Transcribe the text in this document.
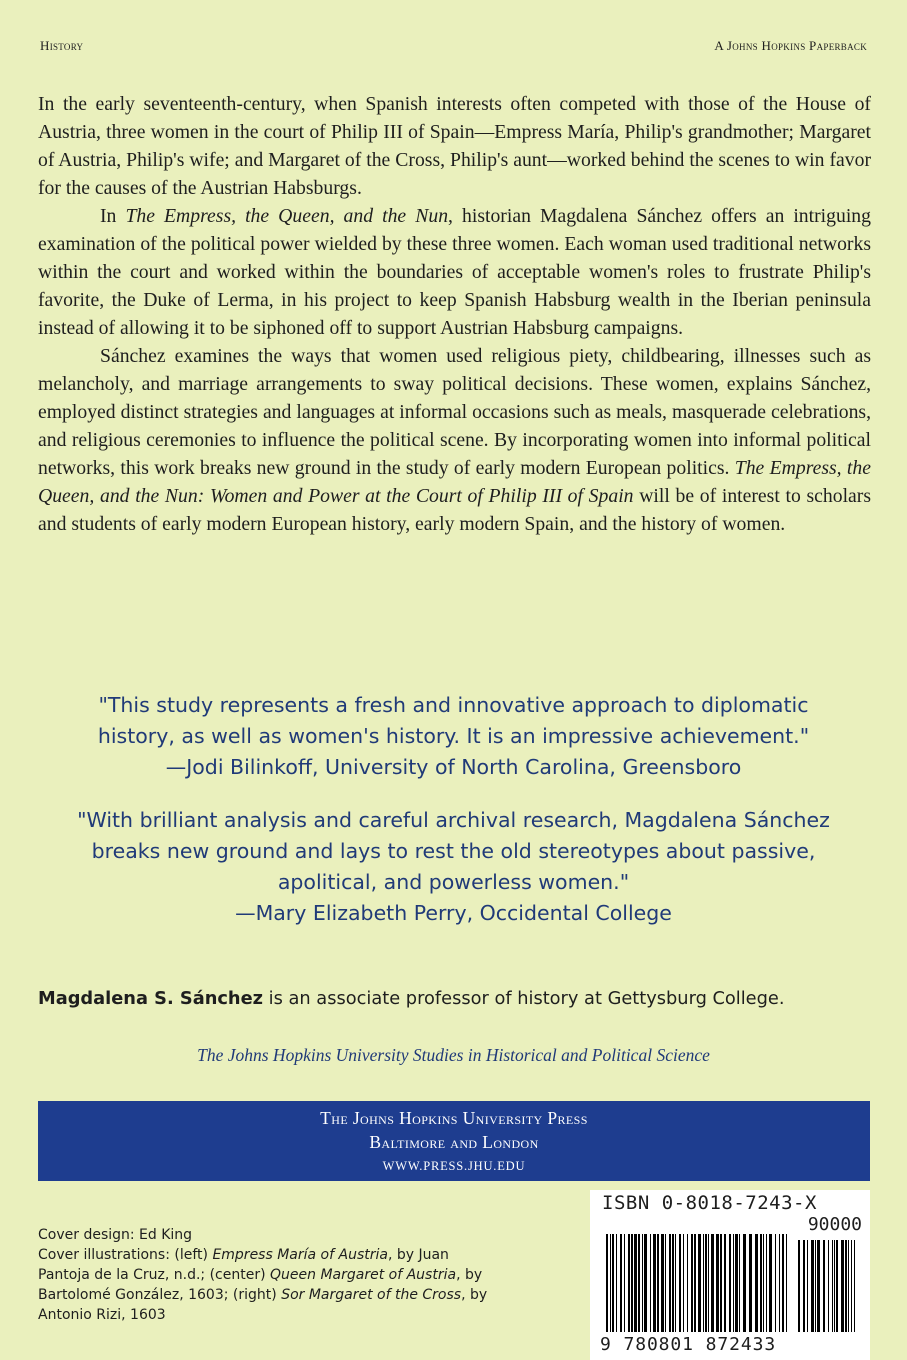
History	A Johns Hopkins Paperback

In the early seventeenth-century, when Spanish interests often competed with those of the House of Austria, three women in the court of Philip III of Spain—Empress María, Philip's grandmother; Margaret of Austria, Philip's wife; and Margaret of the Cross, Philip's aunt—worked behind the scenes to win favor for the causes of the Austrian Habsburgs.

In The Empress, the Queen, and the Nun, historian Magdalena Sánchez offers an intriguing examination of the political power wielded by these three women. Each woman used traditional networks within the court and worked within the boundaries of acceptable women's roles to frustrate Philip's favorite, the Duke of Lerma, in his project to keep Spanish Habsburg wealth in the Iberian peninsula instead of allowing it to be siphoned off to support Austrian Habsburg campaigns.

Sánchez examines the ways that women used religious piety, childbearing, illnesses such as melancholy, and marriage arrangements to sway political decisions. These women, explains Sánchez, employed distinct strategies and languages at informal occasions such as meals, masquerade celebrations, and religious ceremonies to influence the political scene. By incorporating women into informal political networks, this work breaks new ground in the study of early modern European politics. The Empress, the Queen, and the Nun: Women and Power at the Court of Philip III of Spain will be of interest to scholars and students of early modern European history, early modern Spain, and the history of women.

"This study represents a fresh and innovative approach to diplomatic
history, as well as women's history. It is an impressive achievement."
—Jodi Bilinkoff, University of North Carolina, Greensboro
"With brilliant analysis and careful archival research, Magdalena Sánchez
breaks new ground and lays to rest the old stereotypes about passive,
apolitical, and powerless women."
—Mary Elizabeth Perry, Occidental College
Magdalena S. Sánchez is an associate professor of history at Gettysburg College.
The Johns Hopkins University Studies in Historical and Political Science
The Johns Hopkins University Press
Baltimore and London
WWW.PRESS.JHU.EDU
Cover design: Ed King
Cover illustrations: (left) Empress María of Austria, by Juan Pantoja de la Cruz, n.d.; (center) Queen Margaret of Austria, by Bartolomé González, 1603; (right) Sor Margaret of the Cross, by Antonio Rizi, 1603
ISBN 0-8018-7243-X
90000
9 780801 872433
